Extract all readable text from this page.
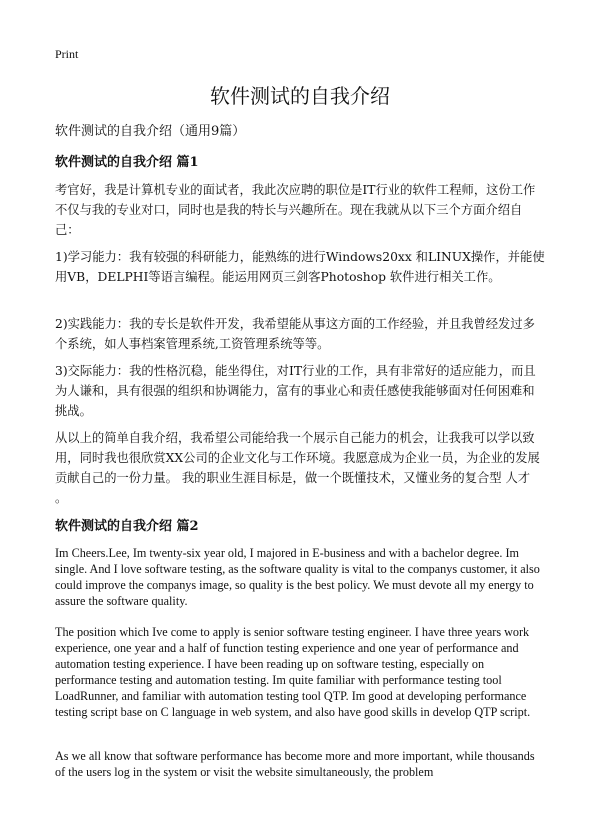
Print
软件测试的自我介绍
软件测试的自我介绍（通用9篇）
软件测试的自我介绍 篇1

考官好，我是计算机专业的面试者，我此次应聘的职位是IT行业的软件工程师，这份工作不仅与我的专业对口，同时也是我的特长与兴趣所在。现在我就从以下三个方面介绍自己：

1)学习能力：我有较强的科研能力，能熟练的进行Windows20xx 和LINUX操作，并能使用VB，DELPHI等语言编程。能运用网页三剑客Photoshop 软件进行相关工作。

2)实践能力：我的专长是软件开发，我希望能从事这方面的工作经验，并且我曾经发过多个系统，如人事档案管理系统,工资管理系统等等。

3)交际能力：我的性格沉稳，能坐得住，对IT行业的工作，具有非常好的适应能力，而且为人谦和，具有很强的组织和协调能力，富有的事业心和责任感使我能够面对任何困难和挑战。

从以上的简单自我介绍，我希望公司能给我一个展示自己能力的机会，让我我可以学以致用，同时我也很欣赏XX公司的企业文化与工作环境。我愿意成为企业一员，为企业的发展贡献自己的一份力量。 我的职业生涯目标是，做一个既懂技术，又懂业务的复合型 人才 。

软件测试的自我介绍 篇2

Im Cheers.Lee, Im twenty-six year old, I majored in E-business and with a bachelor degree. Im single. And I love software testing, as the software quality is vital to the companys customer, it also could improve the companys image, so quality is the best policy. We must devote all my energy to assure the software quality.

The position which Ive come to apply is senior software testing engineer. I have three years work experience, one year and a half of function testing experience and one year of performance and automation testing experience. I have been reading up on software testing, especially on performance testing and automation testing. Im quite familiar with performance testing tool LoadRunner, and familiar with automation testing tool QTP. Im good at developing performance testing script base on C language in web system, and also have good skills in develop QTP script.

As we all know that software performance has become more and more important, while thousands of the users log in the system or visit the website simultaneously, the problem
